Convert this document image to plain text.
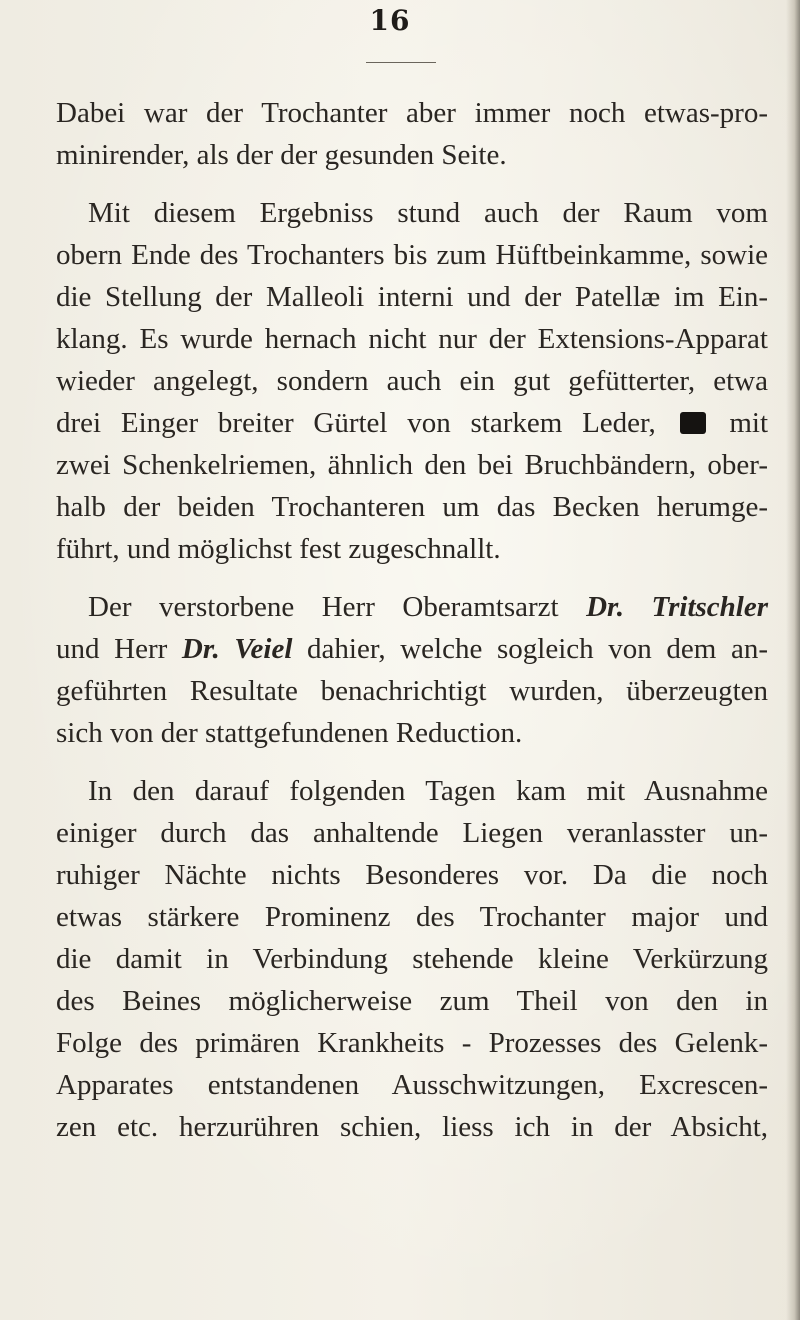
16
Dabei war der Trochanter aber immer noch etwas-pro-
minirender, als der der gesunden Seite.
Mit diesem Ergebniss stund auch der Raum vom
obern Ende des Trochanters bis zum Hüftbeinkamme, sowie
die Stellung der Malleoli interni und der Patellæ im Ein-
klang. Es wurde hernach nicht nur der Extensions-Apparat
wieder angelegt, sondern auch ein gut gefütterter, etwa
drei Einger breiter Gürtel von starkem Leder,	mit
zwei Schenkelriemen, ähnlich den bei Bruchbändern, ober-
halb der beiden Trochanteren um das Becken herumge-
führt, und möglichst fest zugeschnallt.
Der verstorbene Herr Oberamtsarzt Dr. Tritschler
und Herr Dr. Veiel dahier, welche sogleich von dem an-
geführten Resultate benachrichtigt wurden, überzeugten
sich von der stattgefundenen Reduction.
In den darauf folgenden Tagen kam mit Ausnahme
einiger durch das anhaltende Liegen veranlasster un-
ruhiger Nächte nichts Besonderes vor. Da die noch
etwas stärkere Prominenz des Trochanter major und
die damit in Verbindung stehende kleine Verkürzung
des Beines möglicherweise zum Theil von den in
Folge des primären Krankheits - Prozesses des Gelenk-
Apparates entstandenen Ausschwitzungen, Excrescen-
zen etc. herzurühren schien, liess ich in der Absicht,
